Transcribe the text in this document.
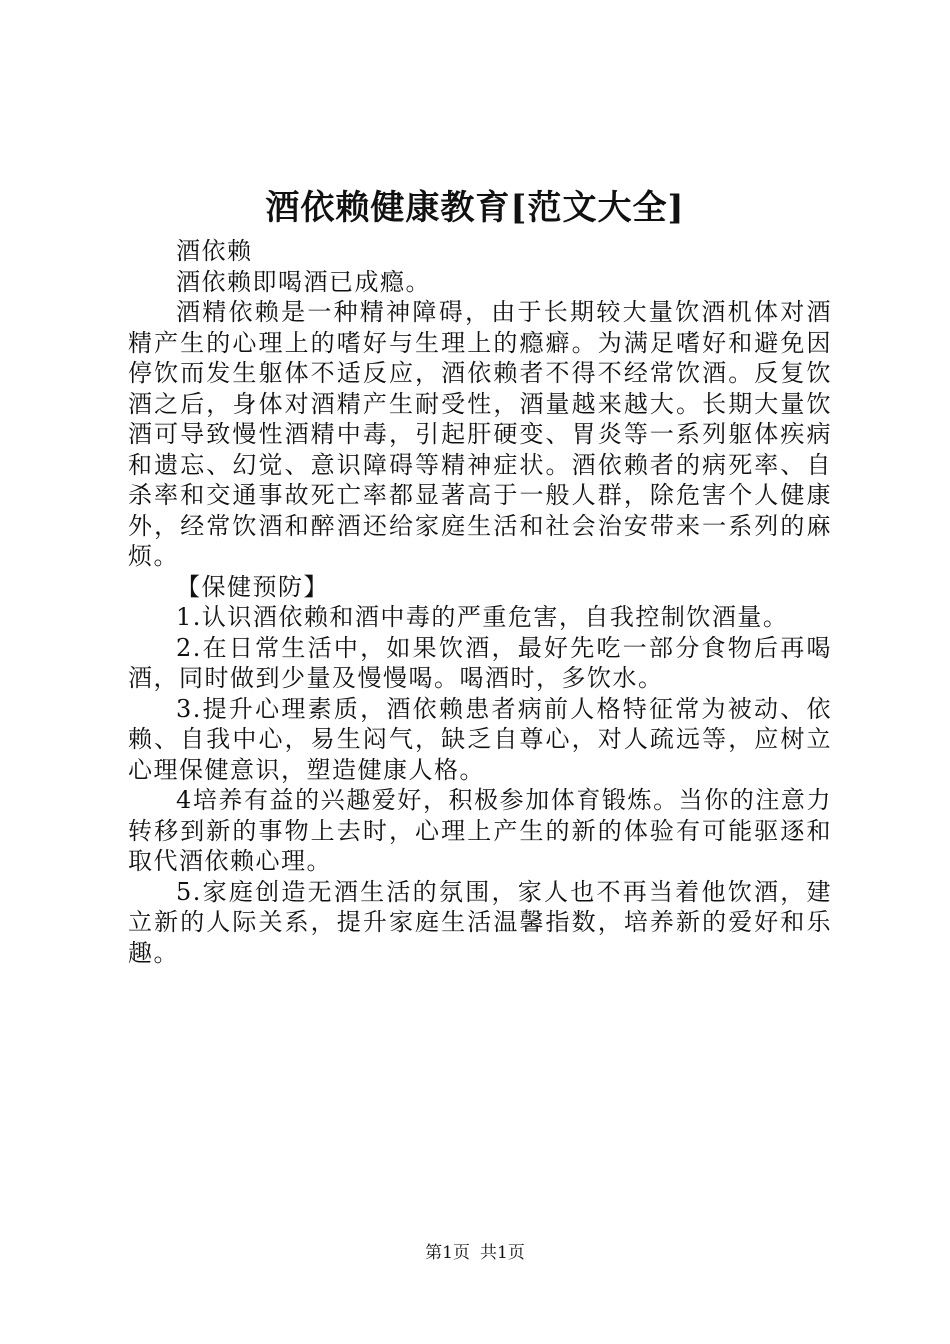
酒依赖健康教育[范文大全]

酒依赖

酒依赖即喝酒已成瘾。

酒精依赖是一种精神障碍，由于长期较大量饮酒机体对酒精产生的心理上的嗜好与生理上的瘾癖。为满足嗜好和避免因停饮而发生躯体不适反应，酒依赖者不得不经常饮酒。反复饮酒之后，身体对酒精产生耐受性，酒量越来越大。长期大量饮酒可导致慢性酒精中毒，引起肝硬变、胃炎等一系列躯体疾病和遗忘、幻觉、意识障碍等精神症状。酒依赖者的病死率、自杀率和交通事故死亡率都显著高于一般人群，除危害个人健康外，经常饮酒和醉酒还给家庭生活和社会治安带来一系列的麻烦。

【保健预防】

1.认识酒依赖和酒中毒的严重危害，自我控制饮酒量。

2.在日常生活中，如果饮酒，最好先吃一部分食物后再喝酒，同时做到少量及慢慢喝。喝酒时，多饮水。

3.提升心理素质，酒依赖患者病前人格特征常为被动、依赖、自我中心，易生闷气，缺乏自尊心，对人疏远等，应树立心理保健意识，塑造健康人格。

4培养有益的兴趣爱好，积极参加体育锻炼。当你的注意力转移到新的事物上去时，心理上产生的新的体验有可能驱逐和取代酒依赖心理。

5.家庭创造无酒生活的氛围，家人也不再当着他饮酒，建立新的人际关系，提升家庭生活温馨指数，培养新的爱好和乐趣。

第1页 共1页
